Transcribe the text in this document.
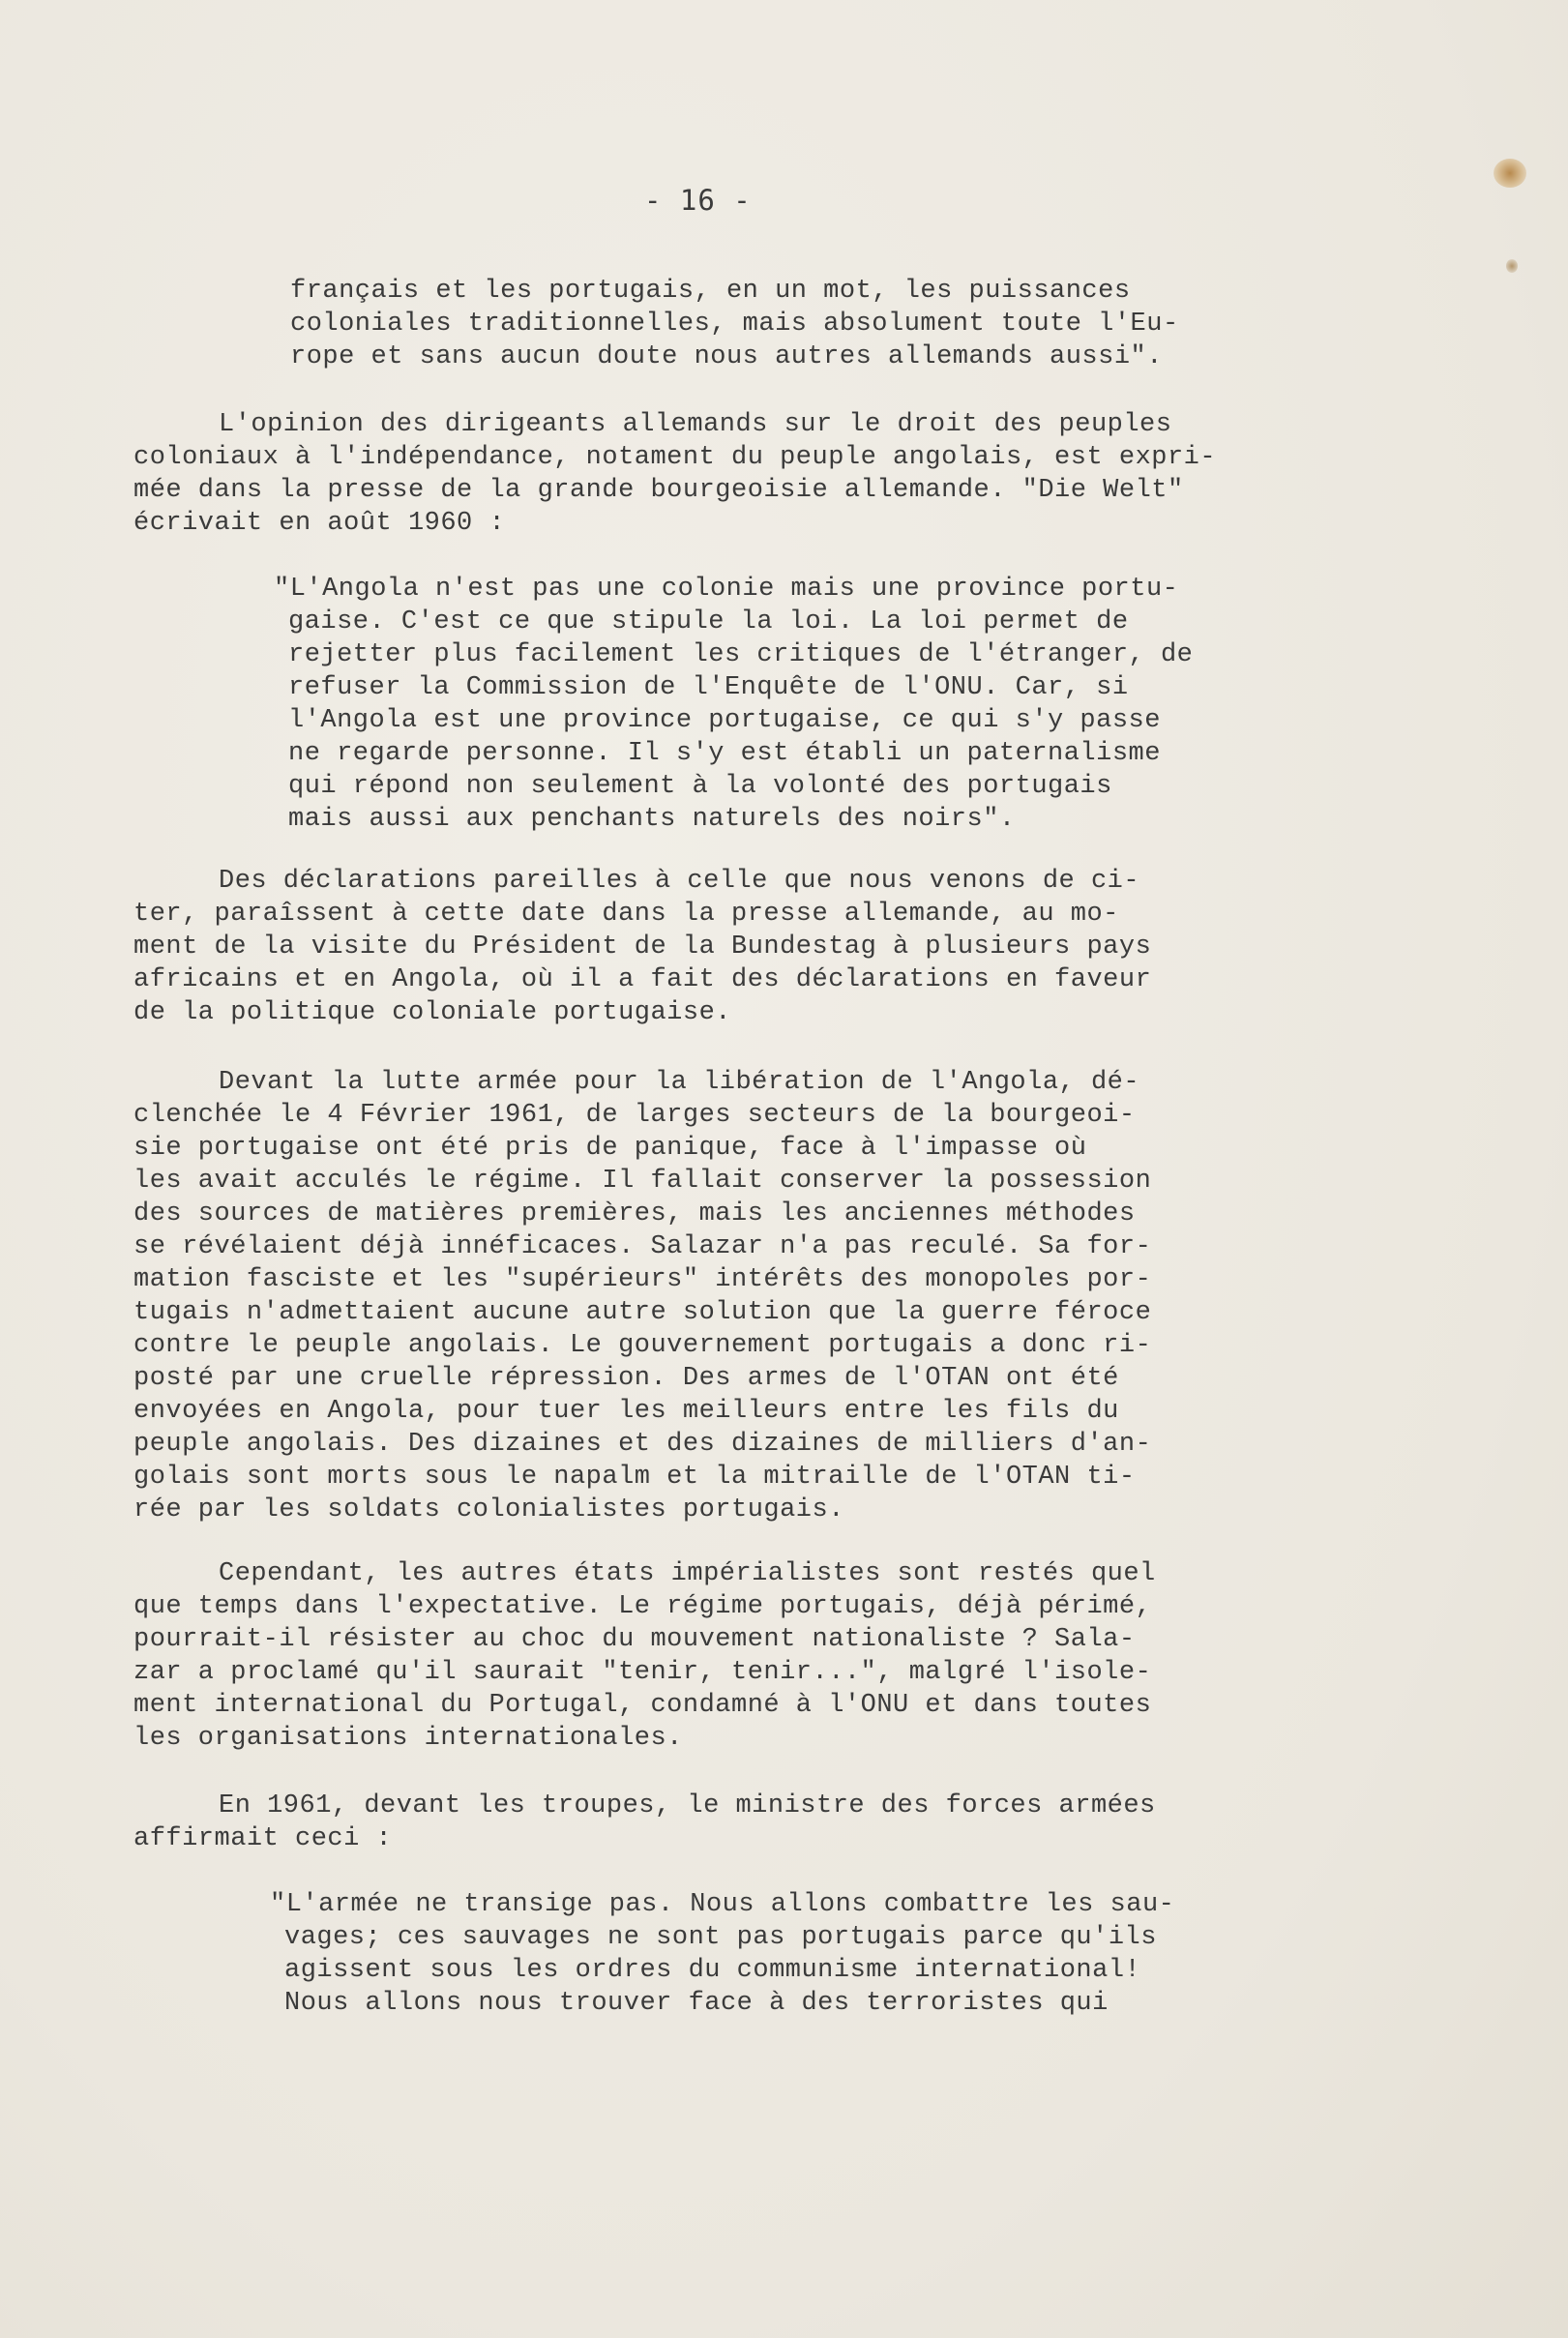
- 16 -
français et les portugais, en un mot, les puissances
coloniales traditionnelles, mais absolument toute l'Eu-
rope et sans aucun doute nous autres allemands aussi".
L'opinion des dirigeants allemands sur le droit des peuples
coloniaux à l'indépendance, notament du peuple angolais, est expri-
mée dans la presse de la grande bourgeoisie allemande. "Die Welt"
écrivait en août 1960 :
"L'Angola n'est pas une colonie mais une province portu-
gaise. C'est ce que stipule la loi. La loi permet de
rejetter plus facilement les critiques de l'étranger, de
refuser la Commission de l'Enquête de l'ONU. Car, si
l'Angola est une province portugaise, ce qui s'y passe
ne regarde personne. Il s'y est établi un paternalisme
qui répond non seulement à la volonté des portugais
mais aussi aux penchants naturels des noirs".
Des déclarations pareilles à celle que nous venons de ci-
ter, paraîssent à cette date dans la presse allemande, au mo-
ment de la visite du Président de la Bundestag à plusieurs pays
africains et en Angola, où il a fait des déclarations en faveur
de la politique coloniale portugaise.
Devant la lutte armée pour la libération de l'Angola, dé-
clenchée le 4 Février 1961, de larges secteurs de la bourgeoi-
sie portugaise ont été pris de panique, face à l'impasse où
les avait acculés le régime. Il fallait conserver la possession
des sources de matières premières, mais les anciennes méthodes
se révélaient déjà innéficaces. Salazar n'a pas reculé. Sa for-
mation fasciste et les "supérieurs" intérêts des monopoles por-
tugais n'admettaient aucune autre solution que la guerre féroce
contre le peuple angolais. Le gouvernement portugais a donc ri-
posté par une cruelle répression. Des armes de l'OTAN ont été
envoyées en Angola, pour tuer les meilleurs entre les fils du
peuple angolais. Des dizaines et des dizaines de milliers d'an-
golais sont morts sous le napalm et la mitraille de l'OTAN ti-
rée par les soldats colonialistes portugais.
Cependant, les autres états impérialistes sont restés quel
que temps dans l'expectative. Le régime portugais, déjà périmé,
pourrait-il résister au choc du mouvement nationaliste ? Sala-
zar a proclamé qu'il saurait "tenir, tenir...", malgré l'isole-
ment international du Portugal, condamné à l'ONU et dans toutes
les organisations internationales.
En 1961, devant les troupes, le ministre des forces armées
affirmait ceci :
"L'armée ne transige pas. Nous allons combattre les sau-
vages; ces sauvages ne sont pas portugais parce qu'ils
agissent sous les ordres du communisme international!
Nous allons nous trouver face à des terroristes qui
